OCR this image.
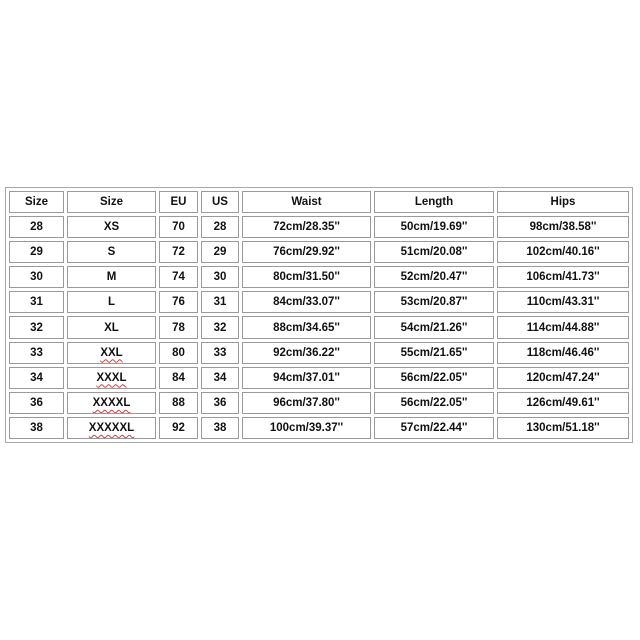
Size	Size	EU	US	Waist	Length	Hips
28	XS	70	28	72cm/28.35''	50cm/19.69''	98cm/38.58''
29	S	72	29	76cm/29.92''	51cm/20.08''	102cm/40.16''
30	M	74	30	80cm/31.50''	52cm/20.47''	106cm/41.73''
31	L	76	31	84cm/33.07''	53cm/20.87''	110cm/43.31''
32	XL	78	32	88cm/34.65''	54cm/21.26''	114cm/44.88''
33	XXL	80	33	92cm/36.22''	55cm/21.65''	118cm/46.46''
34	XXXL	84	34	94cm/37.01''	56cm/22.05''	120cm/47.24''
36	XXXXL	88	36	96cm/37.80''	56cm/22.05''	126cm/49.61''
38	XXXXXL	92	38	100cm/39.37''	57cm/22.44''	130cm/51.18''
